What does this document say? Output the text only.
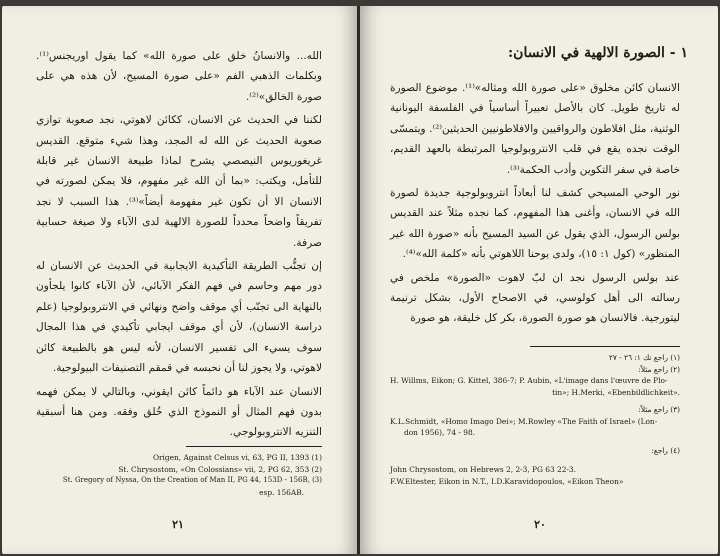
الله... والانسانُ خلق على صورة الله» كما يقول اوريجنس⁽¹⁾. وبكلمات الذهبي الفم «على صورة المسيح، لأن هذه هي على صورة الخالق»⁽²⁾.

لكننا في الحديث عن الانسان، ككائن لاهوتي، نجد صعوبة توازي صعوبة الحديث عن الله له المجد، وهذا شيء متوقع. القديس غريغوريوس النيصصي يشرح لماذا طبيعة الانسان غير قابلة للتأمل، ويكتب: «بما أن الله غير مفهوم، فلا يمكن لصورته في الانسان الا أن تكون غير مفهومة أيضاً»⁽³⁾. هذا السبب لا نجد تفريقاً واضحاً محدداً للصورة الالهية لدى الآباء ولا صيغة حسابية صرفة.

إن تجنُّب الطريقة التأكيدية الايجابية في الحديث عن الانسان له دور مهم وحاسم في فهم الفكر الآبائي، لأن الآباء كانوا يلجأون بالنهاية الى تجنّب أي موقف واضح ونهائي في الانتروبولوجيا (علم دراسة الانسان)، لأن أي موقف ايجابي تأكيدي في هذا المجال سوف يسيء الى تفسير الانسان، لأنه ليس هو بالطبيعة كائن لاهوتي، ولا يجوز لنا أن نحبسه في قمقم التصنيفات البيولوجية.

الانسان عند الآباء هو دائماً كائن ايقوني، وبالتالي لا يمكن فهمه بدون فهم المثال أو النموذج الذي خُلق وفقه. ومن هنا أسبقية التنزيه الانتروبولوجي.

Origen, Against Celsus vi, 63, PG II, 1393 (1)
St. Chrysostom, «On Colossians» vii, 2, PG 62, 353 (2)
St. Gregory of Nyssa, On the Creation of Man II, PG 44, 153D - 156B, (3)
esp. 156AB.
٢١
١ - الصورة الالهية في الانسان:

الانسان كائن مخلوق «على صورة الله ومثاله»⁽¹⁾. موضوع الصورة له تاريخ طويل. كان بالأصل تعبيراً أساسياً في الفلسفة اليونانية الوثنية، مثل افلاطون والرواقيين والافلاطونيين الحديثين⁽²⁾. ويتمسّى الوقت نجده يقع في قلب الانتروبولوجيا المرتبطة بالعهد القديم، خاصة في سفر التكوين وأدب الحكمة⁽³⁾.

نور الوحي المسيحي كشف لنا أبعاداً انتروبولوجية جديدة لصورة الله في الانسان، وأغنى هذا المفهوم، كما نجده مثلاً عند القديس بولس الرسول، الذي يقول عن السيد المسيح بأنه «صورة الله غير المنظور» (كول ١: ١٥)، ولدى يوحنا اللاهوتي بأنه «كلمة الله»⁽⁴⁾.

عند بولس الرسول نجد ان لبّ لاهوت «الصورة» ملخص في رسالته الى أهل كولوسي، في الاصحاح الأول، بشكل ترنيمة ليتورجية. فالانسان هو صورة الصورة، بكر كل خليقة، هو صورة

(١) راجع تك ١: ٢٦ - ٢٧
(٢) راجع مثلاً:
H. Willms, Eikon; G. Kittel, 386-7; P. Aubin, «L'image dans l'œuvre de Plo-
tin»; H.Merki, «Ebenbildlichkeit».
(٣) راجع مثلاً:
K.L.Schmidt, «Homo Imago Dei»; M.Rowley «The Faith of Israel» (Lon-
don 1956), 74 - 98.
(٤) راجع:
John Chrysostom, on Hebrews 2, 2-3, PG 63 22-3.
F.W.Eltester, Eikon in N.T., I.D.Karavidopoulos, «Eikon Theon»
٢٠
